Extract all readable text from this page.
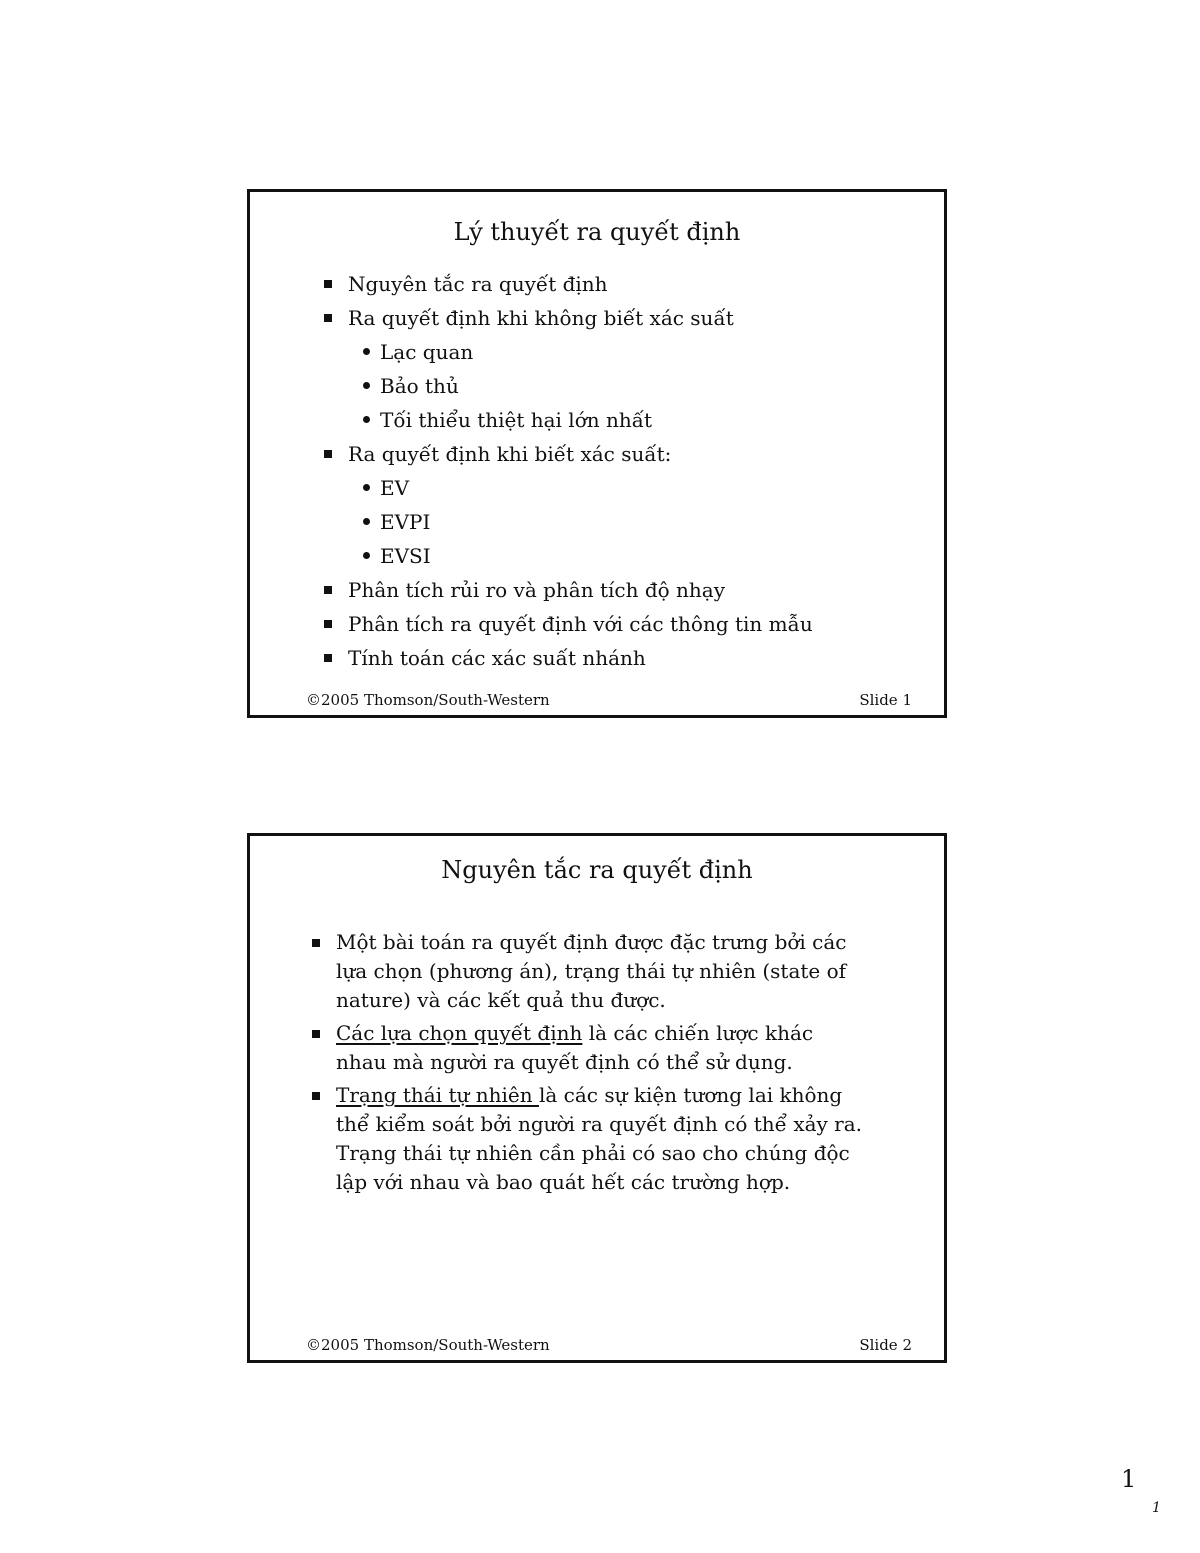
Lý thuyết ra quyết định
Nguyên tắc ra quyết định
Ra quyết định khi không biết xác suất
Lạc quan
Bảo thủ
Tối thiểu thiệt hại lớn nhất
Ra quyết định khi biết xác suất:
EV
EVPI
EVSI
Phân tích rủi ro và phân tích độ nhạy
Phân tích ra quyết định với các thông tin mẫu
Tính toán các xác suất nhánh
©2005 Thomson/South-Western	Slide 1
Nguyên tắc ra quyết định
Một bài toán ra quyết định được đặc trưng bởi các lựa chọn (phương án), trạng thái tự nhiên (state of nature) và các kết quả thu được.
Các lựa chọn quyết định là các chiến lược khác nhau mà người ra quyết định có thể sử dụng.
Trạng thái tự nhiên là các sự kiện tương lai không thể kiểm soát bởi người ra quyết định có thể xảy ra. Trạng thái tự nhiên cần phải có sao cho chúng độc lập với nhau và bao quát hết các trường hợp.
©2005 Thomson/South-Western	Slide 2
1
1
